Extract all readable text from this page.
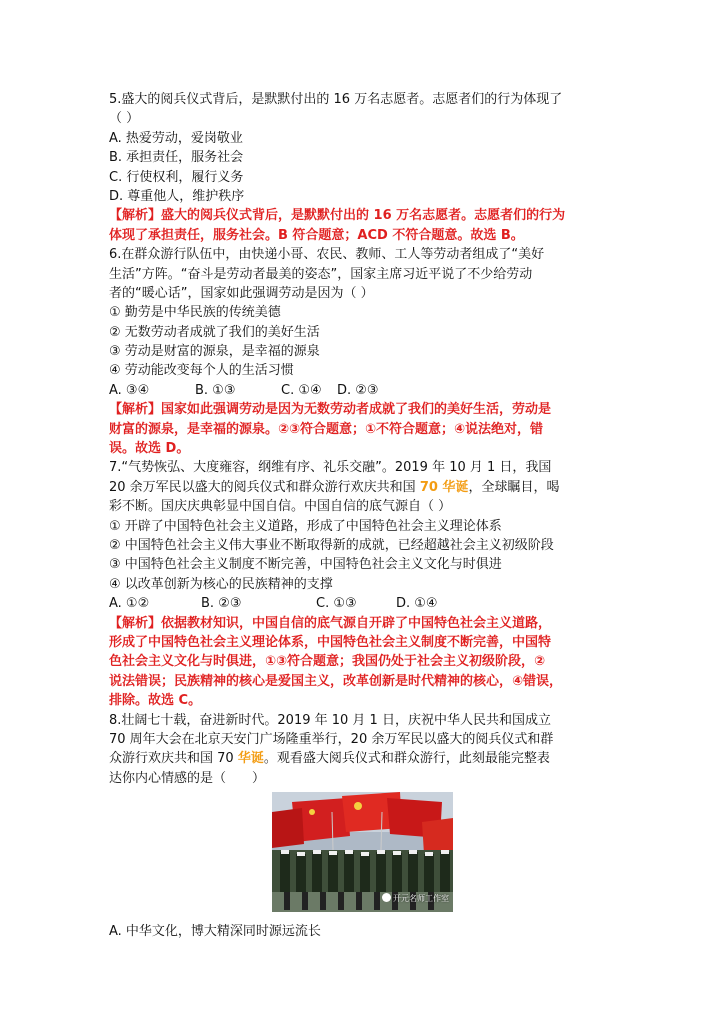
5.盛大的阅兵仪式背后，是默默付出的 16 万名志愿者。志愿者们的行为体现了
（ ）
A. 热爱劳动，爱岗敬业
B. 承担责任，服务社会
C. 行使权利，履行义务
D. 尊重他人，维护秩序
【解析】盛大的阅兵仪式背后，是默默付出的 16 万名志愿者。志愿者们的行为
体现了承担责任，服务社会。B 符合题意；ACD 不符合题意。故选 B。
6.在群众游行队伍中，由快递小哥、农民、教师、工人等劳动者组成了“美好
生活”方阵。“奋斗是劳动者最美的姿态”，国家主席习近平说了不少给劳动
者的“暖心话”，国家如此强调劳动是因为（ ）
① 勤劳是中华民族的传统美德
② 无数劳动者成就了我们的美好生活
③ 劳动是财富的源泉，是幸福的源泉
④ 劳动能改变每个人的生活习惯
A. ③④	B. ①③	C. ①④ D. ②③
【解析】国家如此强调劳动是因为无数劳动者成就了我们的美好生活，劳动是
财富的源泉，是幸福的源泉。②③符合题意；①不符合题意；④说法绝对，错
误。故选 D。
7.“气势恢弘、大度雍容，纲维有序、礼乐交融”。2019 年 10 月 1 日，我国
20 余万军民以盛大的阅兵仪式和群众游行欢庆共和国 70 华诞，全球瞩目，喝
彩不断。国庆庆典彰显中国自信。中国自信的底气源自（ ）
① 开辟了中国特色社会主义道路，形成了中国特色社会主义理论体系
② 中国特色社会主义伟大事业不断取得新的成就，已经超越社会主义初级阶段
③ 中国特色社会主义制度不断完善，中国特色社会主义文化与时俱进
④ 以改革创新为核心的民族精神的支撑
A. ①②	B. ②③	C. ①③	D. ①④
【解析】依据教材知识，中国自信的底气源自开辟了中国特色社会主义道路，
形成了中国特色社会主义理论体系，中国特色社会主义制度不断完善，中国特
色社会主义文化与时俱进，①③符合题意；我国仍处于社会主义初级阶段，②
说法错误；民族精神的核心是爱国主义，改革创新是时代精神的核心，④错误，
排除。故选 C。
8.壮阔七十载，奋进新时代。2019 年 10 月 1 日，庆祝中华人民共和国成立
70 周年大会在北京天安门广场隆重举行，20 余万军民以盛大的阅兵仪式和群
众游行欢庆共和国 70 华诞。观看盛大阅兵仪式和群众游行，此刻最能完整表
达你内心情感的是（　　）
开元名师工作室
A. 中华文化，博大精深同时源远流长
